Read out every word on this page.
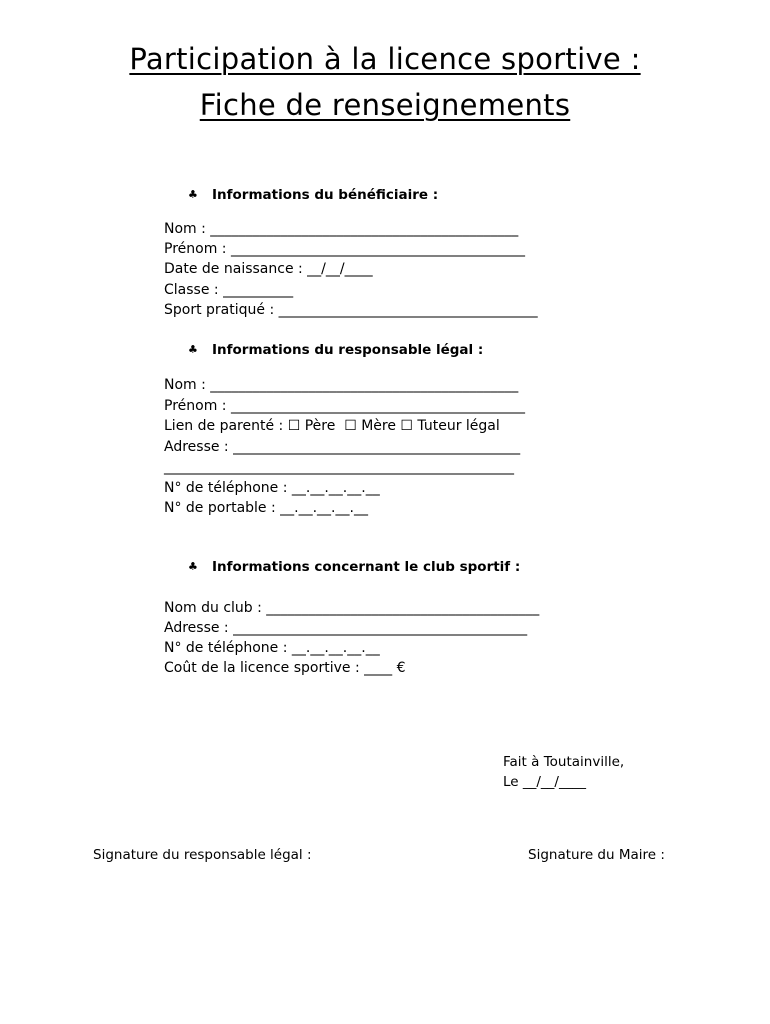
Participation à la licence sportive :
Fiche de renseignements
♣ Informations du bénéficiaire :
Nom : ____________________________________________
Prénom : __________________________________________
Date de naissance : __/__/____
Classe : __________
Sport pratiqué : _____________________________________
♣ Informations du responsable légal :
Nom : ____________________________________________
Prénom : __________________________________________
Lien de parenté : ☐ Père  ☐ Mère ☐ Tuteur légal
Adresse : _________________________________________
__________________________________________________
N° de téléphone : __.__.__.__.__
N° de portable : __.__.__.__.__
♣ Informations concernant le club sportif :
Nom du club : _______________________________________
Adresse : __________________________________________
N° de téléphone : __.__.__.__.__
Coût de la licence sportive : ____ €
Fait à Toutainville,
Le __/__/____
Signature du responsable légal :	Signature du Maire :
